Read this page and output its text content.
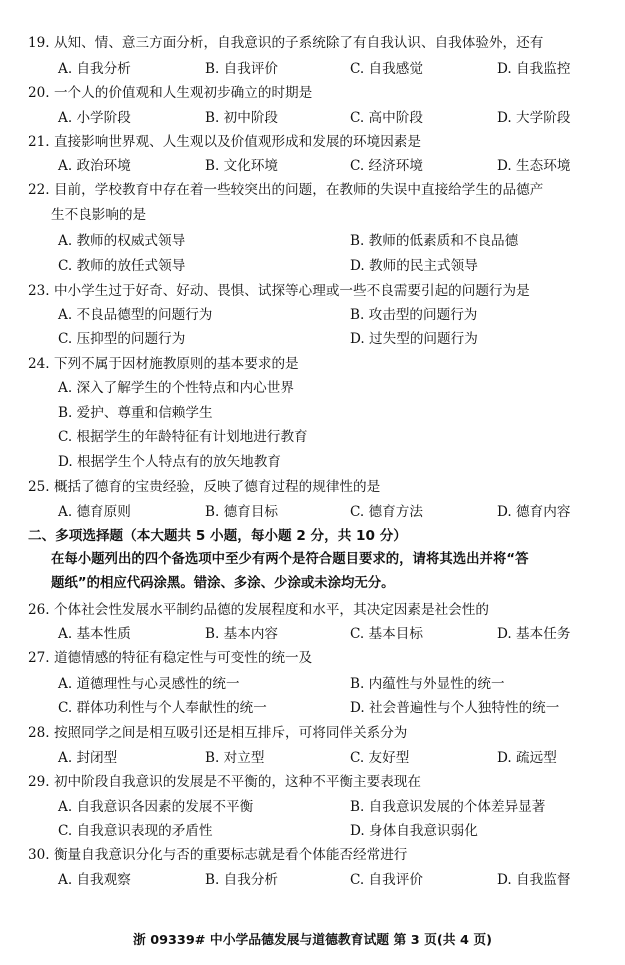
19. 从知、情、意三方面分析，自我意识的子系统除了有自我认识、自我体验外，还有
A. 自我分析	B. 自我评价	C. 自我感觉	D. 自我监控
20. 一个人的价值观和人生观初步确立的时期是
A. 小学阶段	B. 初中阶段	C. 高中阶段	D. 大学阶段
21. 直接影响世界观、人生观以及价值观形成和发展的环境因素是
A. 政治环境	B. 文化环境	C. 经济环境	D. 生态环境
22. 目前，学校教育中存在着一些较突出的问题，在教师的失误中直接给学生的品德产
生不良影响的是
A. 教师的权威式领导	B. 教师的低素质和不良品德
C. 教师的放任式领导	D. 教师的民主式领导
23. 中小学生过于好奇、好动、畏惧、试探等心理或一些不良需要引起的问题行为是
A. 不良品德型的问题行为	B. 攻击型的问题行为
C. 压抑型的问题行为	D. 过失型的问题行为
24. 下列不属于因材施教原则的基本要求的是
A. 深入了解学生的个性特点和内心世界
B. 爱护、尊重和信赖学生
C. 根据学生的年龄特征有计划地进行教育
D. 根据学生个人特点有的放矢地教育
25. 概括了德育的宝贵经验，反映了德育过程的规律性的是
A. 德育原则	B. 德育目标	C. 德育方法	D. 德育内容
二、多项选择题（本大题共 5 小题，每小题 2 分，共 10 分）
在每小题列出的四个备选项中至少有两个是符合题目要求的，请将其选出并将“答
题纸”的相应代码涂黑。错涂、多涂、少涂或未涂均无分。
26. 个体社会性发展水平制约品德的发展程度和水平，其决定因素是社会性的
A. 基本性质	B. 基本内容	C. 基本目标	D. 基本任务
27. 道德情感的特征有稳定性与可变性的统一及
A. 道德理性与心灵感性的统一	B. 内蕴性与外显性的统一
C. 群体功利性与个人奉献性的统一	D. 社会普遍性与个人独特性的统一
28. 按照同学之间是相互吸引还是相互排斥，可将同伴关系分为
A. 封闭型	B. 对立型	C. 友好型	D. 疏远型
29. 初中阶段自我意识的发展是不平衡的，这种不平衡主要表现在
A. 自我意识各因素的发展不平衡	B. 自我意识发展的个体差异显著
C. 自我意识表现的矛盾性	D. 身体自我意识弱化
30. 衡量自我意识分化与否的重要标志就是看个体能否经常进行
A. 自我观察	B. 自我分析	C. 自我评价	D. 自我监督
浙 09339# 中小学品德发展与道德教育试题 第 3 页(共 4 页)
